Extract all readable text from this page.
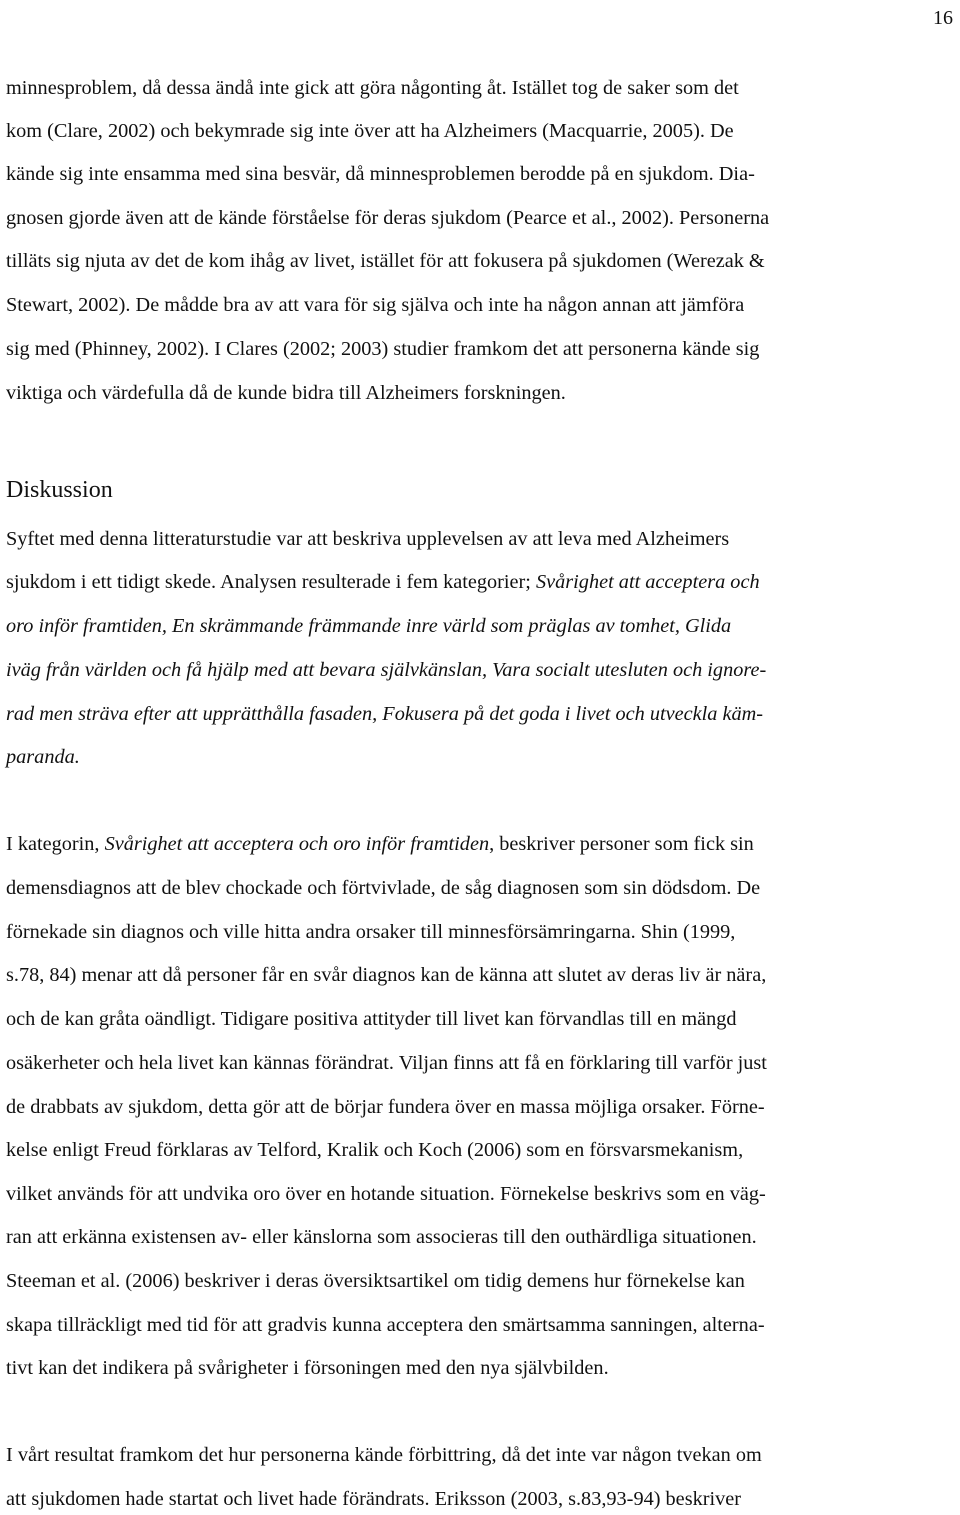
16
minnesproblem, då dessa ändå inte gick att göra någonting åt. Istället tog de saker som det
kom (Clare, 2002) och bekymrade sig inte över att ha Alzheimers (Macquarrie, 2005). De
kände sig inte ensamma med sina besvär, då minnesproblemen berodde på en sjukdom. Dia-
gnosen gjorde även att de kände förståelse för deras sjukdom (Pearce et al., 2002). Personerna
tilläts sig njuta av det de kom ihåg av livet, istället för att fokusera på sjukdomen (Werezak &
Stewart, 2002). De mådde bra av att vara för sig själva och inte ha någon annan att jämföra
sig med (Phinney, 2002). I Clares (2002; 2003) studier framkom det att personerna kände sig
viktiga och värdefulla då de kunde bidra till Alzheimers forskningen.
Diskussion
Syftet med denna litteraturstudie var att beskriva upplevelsen av att leva med Alzheimers
sjukdom i ett tidigt skede. Analysen resulterade i fem kategorier; Svårighet att acceptera och
oro inför framtiden, En skrämmande främmande inre värld som präglas av tomhet, Glida
iväg från världen och få hjälp med att bevara självkänslan, Vara socialt utesluten och ignore-
rad men sträva efter att upprätthålla fasaden, Fokusera på det goda i livet och utveckla käm-
paranda.
I kategorin, Svårighet att acceptera och oro inför framtiden, beskriver personer som fick sin
demensdiagnos att de blev chockade och förtvivlade, de såg diagnosen som sin dödsdom. De
förnekade sin diagnos och ville hitta andra orsaker till minnesförsämringarna. Shin (1999,
s.78, 84) menar att då personer får en svår diagnos kan de känna att slutet av deras liv är nära,
och de kan gråta oändligt. Tidigare positiva attityder till livet kan förvandlas till en mängd
osäkerheter och hela livet kan kännas förändrat. Viljan finns att få en förklaring till varför just
de drabbats av sjukdom, detta gör att de börjar fundera över en massa möjliga orsaker. Förne-
kelse enligt Freud förklaras av Telford, Kralik och Koch (2006) som en försvarsmekanism,
vilket används för att undvika oro över en hotande situation. Förnekelse beskrivs som en väg-
ran att erkänna existensen av- eller känslorna som associeras till den outhärdliga situationen.
Steeman et al. (2006) beskriver i deras översiktsartikel om tidig demens hur förnekelse kan
skapa tillräckligt med tid för att gradvis kunna acceptera den smärtsamma sanningen, alterna-
tivt kan det indikera på svårigheter i försoningen med den nya självbilden.
I vårt resultat framkom det hur personerna kände förbittring, då det inte var någon tvekan om
att sjukdomen hade startat och livet hade förändrats. Eriksson (2003, s.83,93-94) beskriver
